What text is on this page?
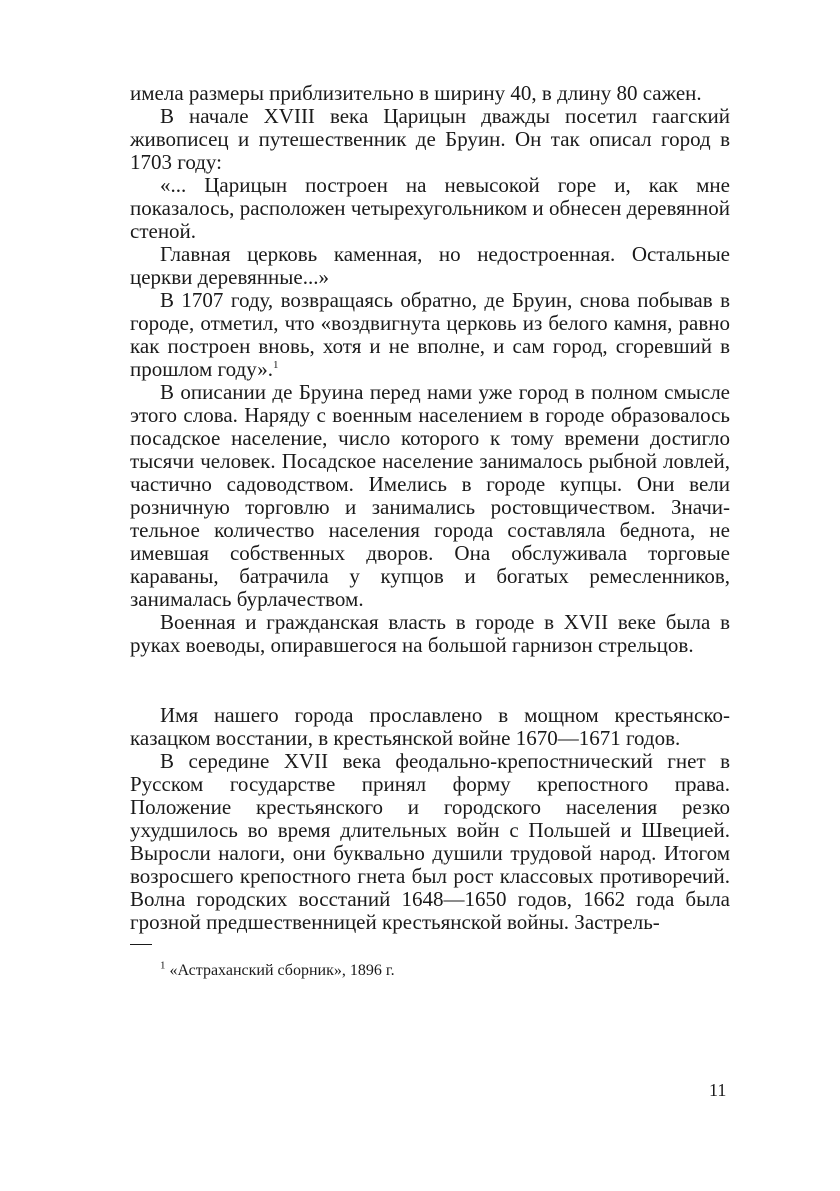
имела размеры приблизительно в ширину 40, в длину 80 сажен.

В начале XVIII века Царицын дважды посетил гаагский живописец и путешественник де Бруин. Он так описал город в 1703 году:

«... Царицын построен на невысокой горе и, как мне показалось, расположен четырехугольником и обнесен деревянной стеной.

Главная церковь каменная, но недостроенная. Остальные церкви деревянные...»

В 1707 году, возвращаясь обратно, де Бруин, снова побывав в городе, отметил, что «воздвигнута церковь из белого камня, равно как построен вновь, хотя и не вполне, и сам город, сгоревший в прошлом году».$^1$

В описании де Бруина перед нами уже город в полном смысле этого слова. Наряду с военным населением в городе образовалось посадское население, число которого к тому времени достигло тысячи человек. Посадское население занималось рыбной ловлей, частично садоводством. Имелись в городе купцы. Они вели розничную торговлю и занимались ростовщичеством. Значительное количество населения города составляла беднота, не имевшая собственных дворов. Она обслуживала торговые караваны, батрачила у купцов и богатых ремесленников, занималась бурлачеством.

Военная и гражданская власть в городе в XVII веке была в руках воеводы, опиравшегося на большой гарнизон стрельцов.

Имя нашего города прославлено в мощном крестьянско-казацком восстании, в крестьянской войне 1670—1671 годов.

В середине XVII века феодально-крепостнический гнет в Русском государстве принял форму крепостного права. Положение крестьянского и городского населения резко ухудшилось во время длительных войн с Польшей и Швецией. Выросли налоги, они буквально душили трудовой народ. Итогом возросшего крепостного гнета был рост классовых противоречий. Волна городских восстаний 1648—1650 годов, 1662 года была грозной предшественницей крестьянской войны. Застрель-

$^1$ «Астраханский сборник», 1896 г.

11
